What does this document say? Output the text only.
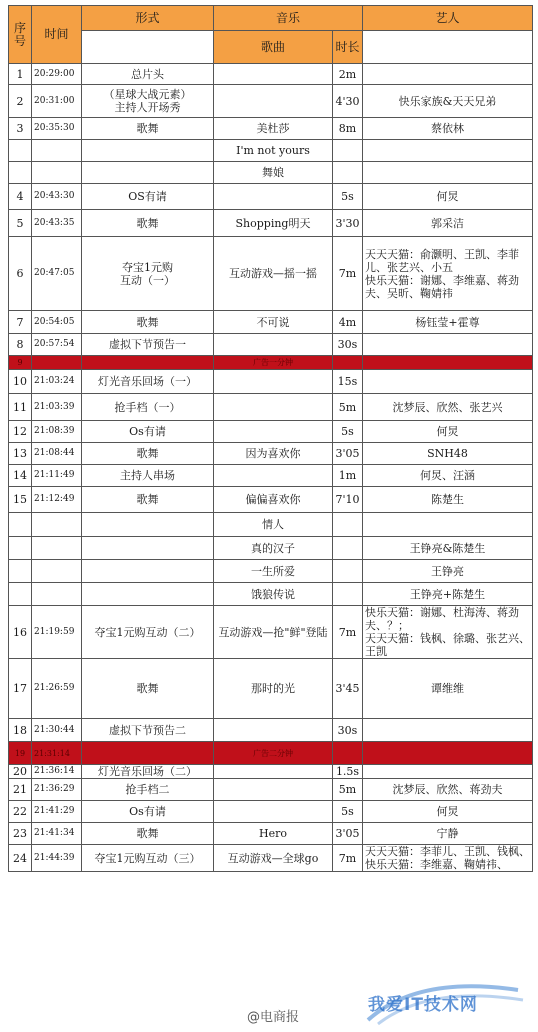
序号	时间	形式	音乐		艺人
			歌曲	时长	
1	20:29:00	总片头		2m	
2	20:31:00	（星球大战元素）
主持人开场秀		4'30	快乐家族&天天兄弟
3	20:35:30	歌舞	美杜莎	8m	蔡依林
			I'm not yours		
			舞娘		
4	20:43:30	OS有请		5s	何炅
5	20:43:35	歌舞	Shopping明天	3'30	郭采洁
6	20:47:05	夺宝1元购
互动（一）	互动游戏—摇一摇	7m	天天天猫：俞灏明、王凯、李菲儿、张艺兴、小五
快乐天猫：谢娜、李维嘉、蒋劲夫、吴昕、鞠婧祎
7	20:54:05	歌舞	不可说	4m	杨钰莹+霍尊
8	20:57:54	虚拟下节预告一		30s	
9			广告一分钟		
10	21:03:24	灯光音乐回场（一）		15s	
11	21:03:39	抢手档（一）		5m	沈梦辰、欣然、张艺兴
12	21:08:39	Os有请		5s	何炅
13	21:08:44	歌舞	因为喜欢你	3'05	SNH48
14	21:11:49	主持人串场		1m	何炅、汪涵
15	21:12:49	歌舞	偏偏喜欢你	7'10	陈楚生
			情人		
			真的汉子		王铮亮&陈楚生
			一生所爱		王铮亮
			饿狼传说		王铮亮+陈楚生
16	21:19:59	夺宝1元购互动（二）	互动游戏—抢"鲜"登陆	7m	快乐天猫：谢娜、杜海涛、蒋劲夫、？；
天天天猫：钱枫、徐璐、张艺兴、王凯
17	21:26:59	歌舞	那时的光	3'45	谭维维
18	21:30:44	虚拟下节预告二		30s	
19	21:31:14		广告二分钟		
20	21:36:14	灯光音乐回场（二）		1.5s	
21	21:36:29	抢手档二		5m	沈梦辰、欣然、蒋劲夫
22	21:41:29	Os有请		5s	何炅
23	21:41:34	歌舞	Hero	3'05	宁静
24	21:44:39	夺宝1元购互动（三）	互动游戏—全球go	7m	天天天猫：李菲儿、王凯、钱枫、
快乐天猫：李维嘉、鞠婧祎、
我爱IT技术网
@电商报
